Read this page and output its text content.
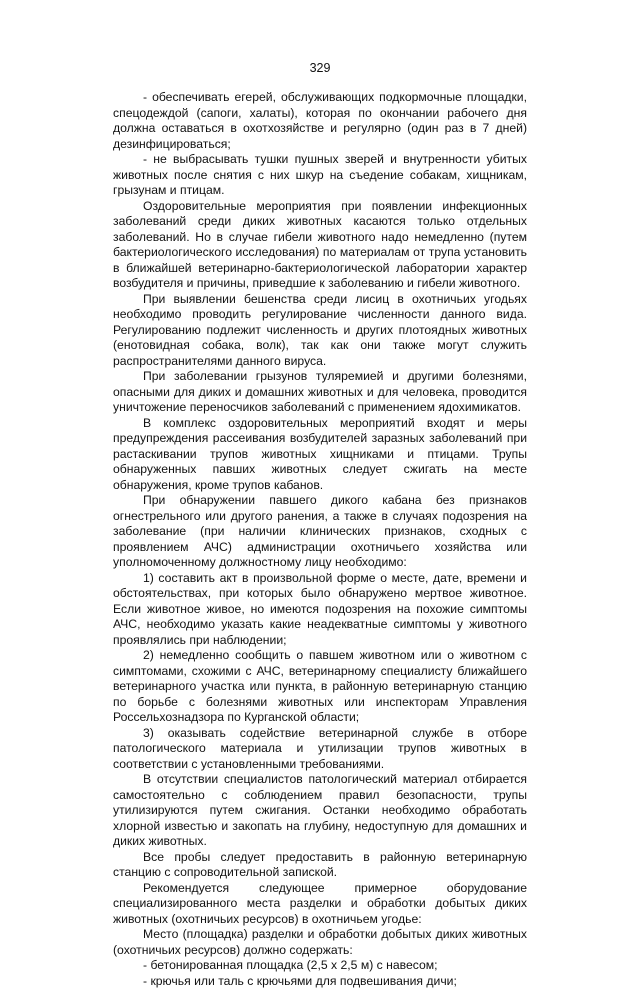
329

- обеспечивать егерей, обслуживающих подкормочные площадки, спецодеждой (сапоги, халаты), которая по окончании рабочего дня должна оставаться в охотхозяйстве и регулярно (один раз в 7 дней) дезинфицироваться;

- не выбрасывать тушки пушных зверей и внутренности убитых животных после снятия с них шкур на съедение собакам, хищникам, грызунам и птицам.

Оздоровительные мероприятия при появлении инфекционных заболеваний среди диких животных касаются только отдельных заболеваний. Но в случае гибели животного надо немедленно (путем бактериологического исследования) по материалам от трупа установить в ближайшей ветеринарно-бактериологической лаборатории характер возбудителя и причины, приведшие к заболеванию и гибели животного.

При выявлении бешенства среди лисиц в охотничьих угодьях необходимо проводить регулирование численности данного вида. Регулированию подлежит численность и других плотоядных животных (енотовидная собака, волк), так как они также могут служить распространителями данного вируса.

При заболевании грызунов туляремией и другими болезнями, опасными для диких и домашних животных и для человека, проводится уничтожение переносчиков заболеваний с применением ядохимикатов.

В комплекс оздоровительных мероприятий входят и меры предупреждения рассеивания возбудителей заразных заболеваний при растаскивании трупов животных хищниками и птицами. Трупы обнаруженных павших животных следует сжигать на месте обнаружения, кроме трупов кабанов.

При обнаружении павшего дикого кабана без признаков огнестрельного или другого ранения, а также в случаях подозрения на заболевание (при наличии клинических признаков, сходных с проявлением АЧС) администрации охотничьего хозяйства или уполномоченному должностному лицу необходимо:

1) составить акт в произвольной форме о месте, дате, времени и обстоятельствах, при которых было обнаружено мертвое животное. Если животное живое, но имеются подозрения на похожие симптомы АЧС, необходимо указать какие неадекватные симптомы у животного проявлялись при наблюдении;

2) немедленно сообщить о павшем животном или о животном с симптомами, схожими с АЧС, ветеринарному специалисту ближайшего ветеринарного участка или пункта, в районную ветеринарную станцию по борьбе с болезнями животных или инспекторам Управления Россельхознадзора по Курганской области;

3) оказывать содействие ветеринарной службе в отборе патологического материала и утилизации трупов животных в соответствии с установленными требованиями.

В отсутствии специалистов патологический материал отбирается самостоятельно с соблюдением правил безопасности, трупы утилизируются путем сжигания. Останки необходимо обработать хлорной известью и закопать на глубину, недоступную для домашних и диких животных.

Все пробы следует предоставить в районную ветеринарную станцию с сопроводительной запиской.

Рекомендуется следующее примерное оборудование специализированного места разделки и обработки добытых диких животных (охотничьих ресурсов) в охотничьем угодье:

Место (площадка) разделки и обработки добытых диких животных (охотничьих ресурсов) должно содержать:

- бетонированная площадка (2,5 х 2,5 м) с навесом;

- крючья или таль с крючьями для подвешивания дичи;
